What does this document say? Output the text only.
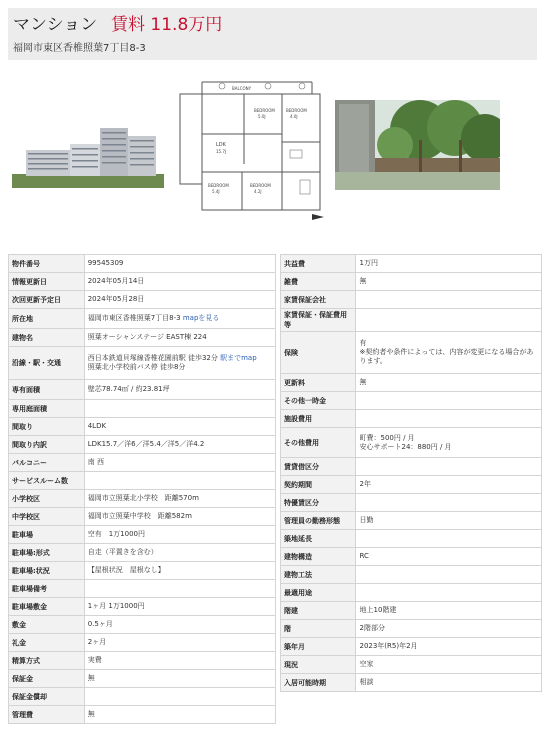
マンション 賃料 11.8万円
福岡市東区香椎照葉7丁目8-3
BALCONY
BEDROOM
5.0J
BEDROOM
4.0J
LDK
15.7J
BEDROOM
5.4J
BEDROOM
4.2J
物件番号	99545309
情報更新日	2024年05月14日
次回更新予定日	2024年05月28日
所在地	福岡市東区香椎照葉7丁目8-3 mapを見る
建物名	照葉オーシャンステージ EAST棟 224
沿線・駅・交通	西日本鉄道貝塚線香椎花園前駅 徒歩32分 駅までmap
照葉北小学校前バス停 徒歩8分
専有面積	壁芯78.74㎡ / 約23.81坪
専用庭面積	
間取り	4LDK
間取り内訳	LDK15.7／洋6／洋5.4／洋5／洋4.2
バルコニー	南 西
サービスルーム数	
小学校区	福岡市立照葉北小学校　距離570m
中学校区	福岡市立照葉中学校　距離582m
駐車場	空有　1万1000円
駐車場:形式	自走（平置きを含む）
駐車場:状況	【屋根状況　屋根なし】
駐車場備考	
駐車場敷金	1ヶ月 1万1000円
敷金	0.5ヶ月
礼金	2ヶ月
精算方式	実費
保証金	無
保証金償却	
管理費	無
共益費	1万円
雑費	無
家賃保証会社	
家賃保証・保証費用等	
保険	有
※契約者や条件によっては、内容が変更になる場合があります。
更新料	無
その他一時金	
施設費用	
その他費用	町費：500円 / 月
安心サポート24：880円 / 月
賃貸借区分	
契約期間	2年
特優賃区分	
管理員の勤務形態	日勤
築地延長	
建物構造	RC
建物工法	
最適用途	
階建	地上10階建
階	2階部分
築年月	2023年(R5)年2月
現況	空家
入居可能時期	相談
